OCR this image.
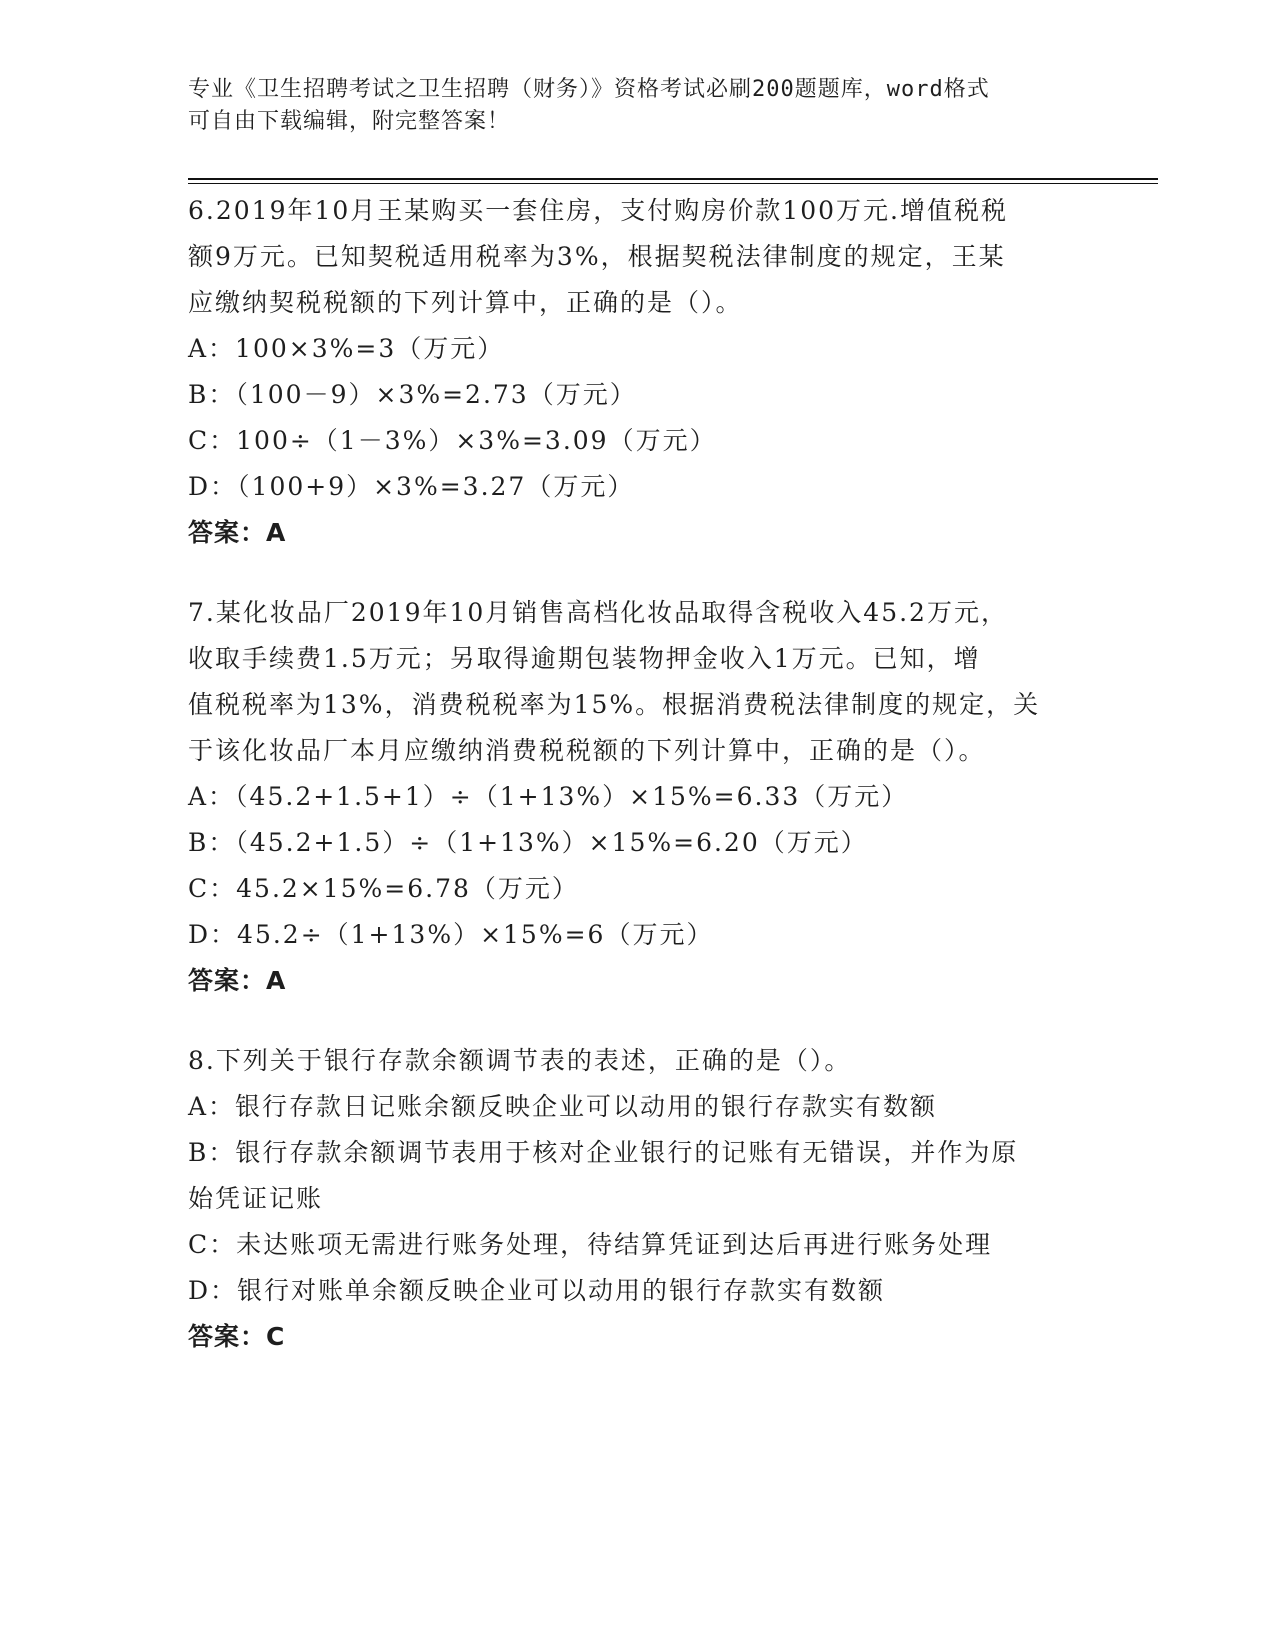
专业《卫生招聘考试之卫生招聘（财务）》资格考试必刷200题题库，word格式
可自由下载编辑，附完整答案！
6.2019年10月王某购买一套住房，支付购房价款100万元.增值税税
额9万元。已知契税适用税率为3%，根据契税法律制度的规定，王某
应缴纳契税税额的下列计算中，正确的是（）。
A：100×3%=3（万元）
B：（100－9）×3%=2.73（万元）
C：100÷（1－3%）×3%=3.09（万元）
D：（100+9）×3%=3.27（万元）
答案：A
7.某化妆品厂2019年10月销售高档化妆品取得含税收入45.2万元，
收取手续费1.5万元；另取得逾期包装物押金收入1万元。已知，增
值税税率为13%，消费税税率为15%。根据消费税法律制度的规定，关
于该化妆品厂本月应缴纳消费税税额的下列计算中，正确的是（）。
A：（45.2+1.5+1）÷（1+13%）×15%=6.33（万元）
B：（45.2+1.5）÷（1+13%）×15%=6.20（万元）
C：45.2×15%=6.78（万元）
D：45.2÷（1+13%）×15%=6（万元）
答案：A
8.下列关于银行存款余额调节表的表述，正确的是（）。
A：银行存款日记账余额反映企业可以动用的银行存款实有数额
B：银行存款余额调节表用于核对企业银行的记账有无错误，并作为原
始凭证记账
C：未达账项无需进行账务处理，待结算凭证到达后再进行账务处理
D：银行对账单余额反映企业可以动用的银行存款实有数额
答案：C
